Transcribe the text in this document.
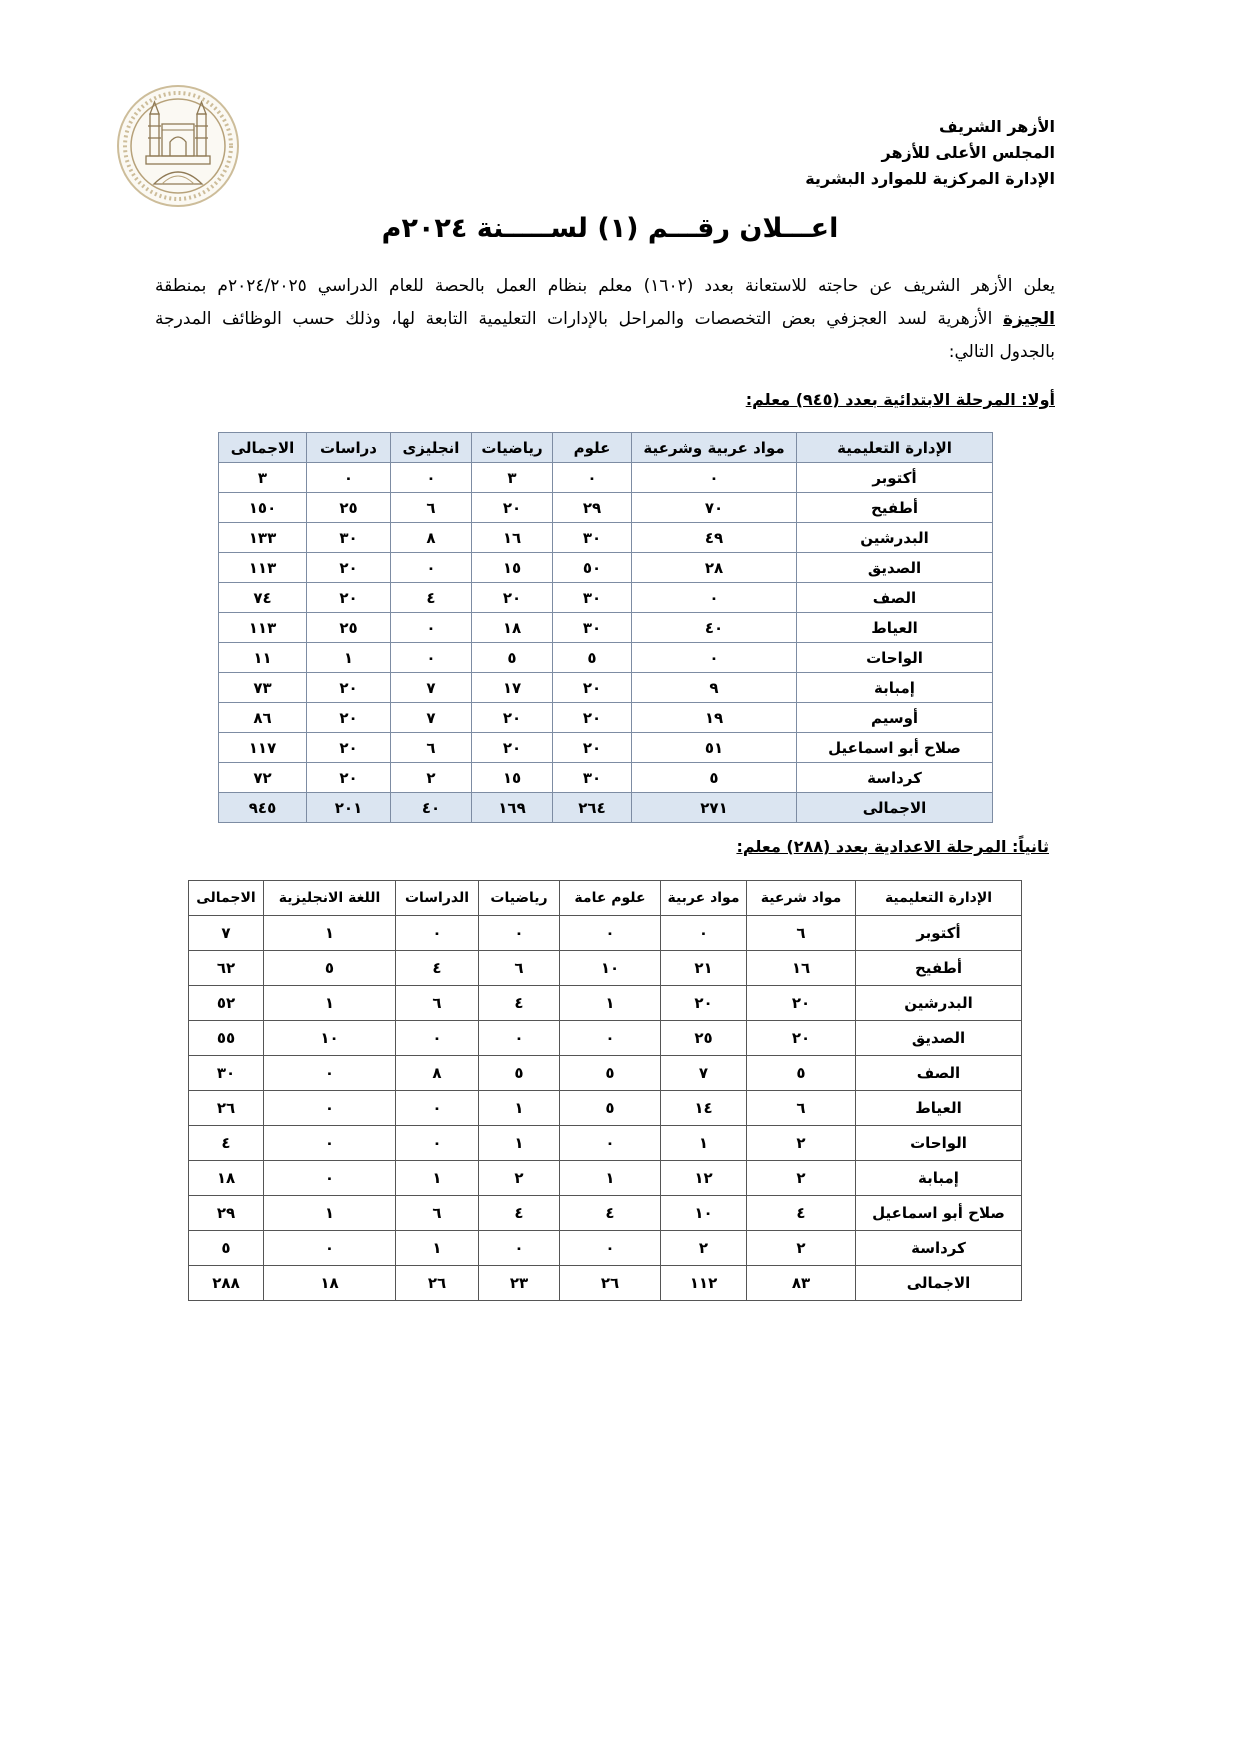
الأزهر الشريف
المجلس الأعلى للأزهر
الإدارة المركزية للموارد البشرية
اعـــلان رقـــم (١) لســـــنة ٢٠٢٤م
يعلن الأزهر الشريف عن حاجته للاستعانة بعدد (١٦٠٢) معلم بنظام العمل بالحصة للعام الدراسي ٢٠٢٤/٢٠٢٥م بمنطقة
الجيزة الأزهرية لسد العجزفي بعض التخصصات والمراحل بالإدارات التعليمية التابعة لها، وذلك حسب الوظائف المدرجة
بالجدول التالي:
أولا: المرحلة الابتدائية بعدد (٩٤٥) معلم:
الإدارة التعليمية	مواد عربية وشرعية	علوم	رياضيات	انجليزى	دراسات	الاجمالى
أكتوبر	٠	٠	٣	٠	٠	٣
أطفيح	٧٠	٢٩	٢٠	٦	٢٥	١٥٠
البدرشين	٤٩	٣٠	١٦	٨	٣٠	١٣٣
الصديق	٢٨	٥٠	١٥	٠	٢٠	١١٣
الصف	٠	٣٠	٢٠	٤	٢٠	٧٤
العياط	٤٠	٣٠	١٨	٠	٢٥	١١٣
الواحات	٠	٥	٥	٠	١	١١
إمبابة	٩	٢٠	١٧	٧	٢٠	٧٣
أوسيم	١٩	٢٠	٢٠	٧	٢٠	٨٦
صلاح أبو اسماعيل	٥١	٢٠	٢٠	٦	٢٠	١١٧
كرداسة	٥	٣٠	١٥	٢	٢٠	٧٢
الاجمالى	٢٧١	٢٦٤	١٦٩	٤٠	٢٠١	٩٤٥
ثانياً: المرحلة الاعدادية بعدد (٢٨٨) معلم:
الإدارة التعليمية	مواد شرعية	مواد عربية	علوم عامة	رياضيات	الدراسات	اللغة الانجليزية	الاجمالى
أكتوبر	٦	٠	٠	٠	٠	١	٧
أطفيح	١٦	٢١	١٠	٦	٤	٥	٦٢
البدرشين	٢٠	٢٠	١	٤	٦	١	٥٢
الصديق	٢٠	٢٥	٠	٠	٠	١٠	٥٥
الصف	٥	٧	٥	٥	٨	٠	٣٠
العياط	٦	١٤	٥	١	٠	٠	٢٦
الواحات	٢	١	٠	١	٠	٠	٤
إمبابة	٢	١٢	١	٢	١	٠	١٨
صلاح أبو اسماعيل	٤	١٠	٤	٤	٦	١	٢٩
كرداسة	٢	٢	٠	٠	١	٠	٥
الاجمالى	٨٣	١١٢	٢٦	٢٣	٢٦	١٨	٢٨٨
